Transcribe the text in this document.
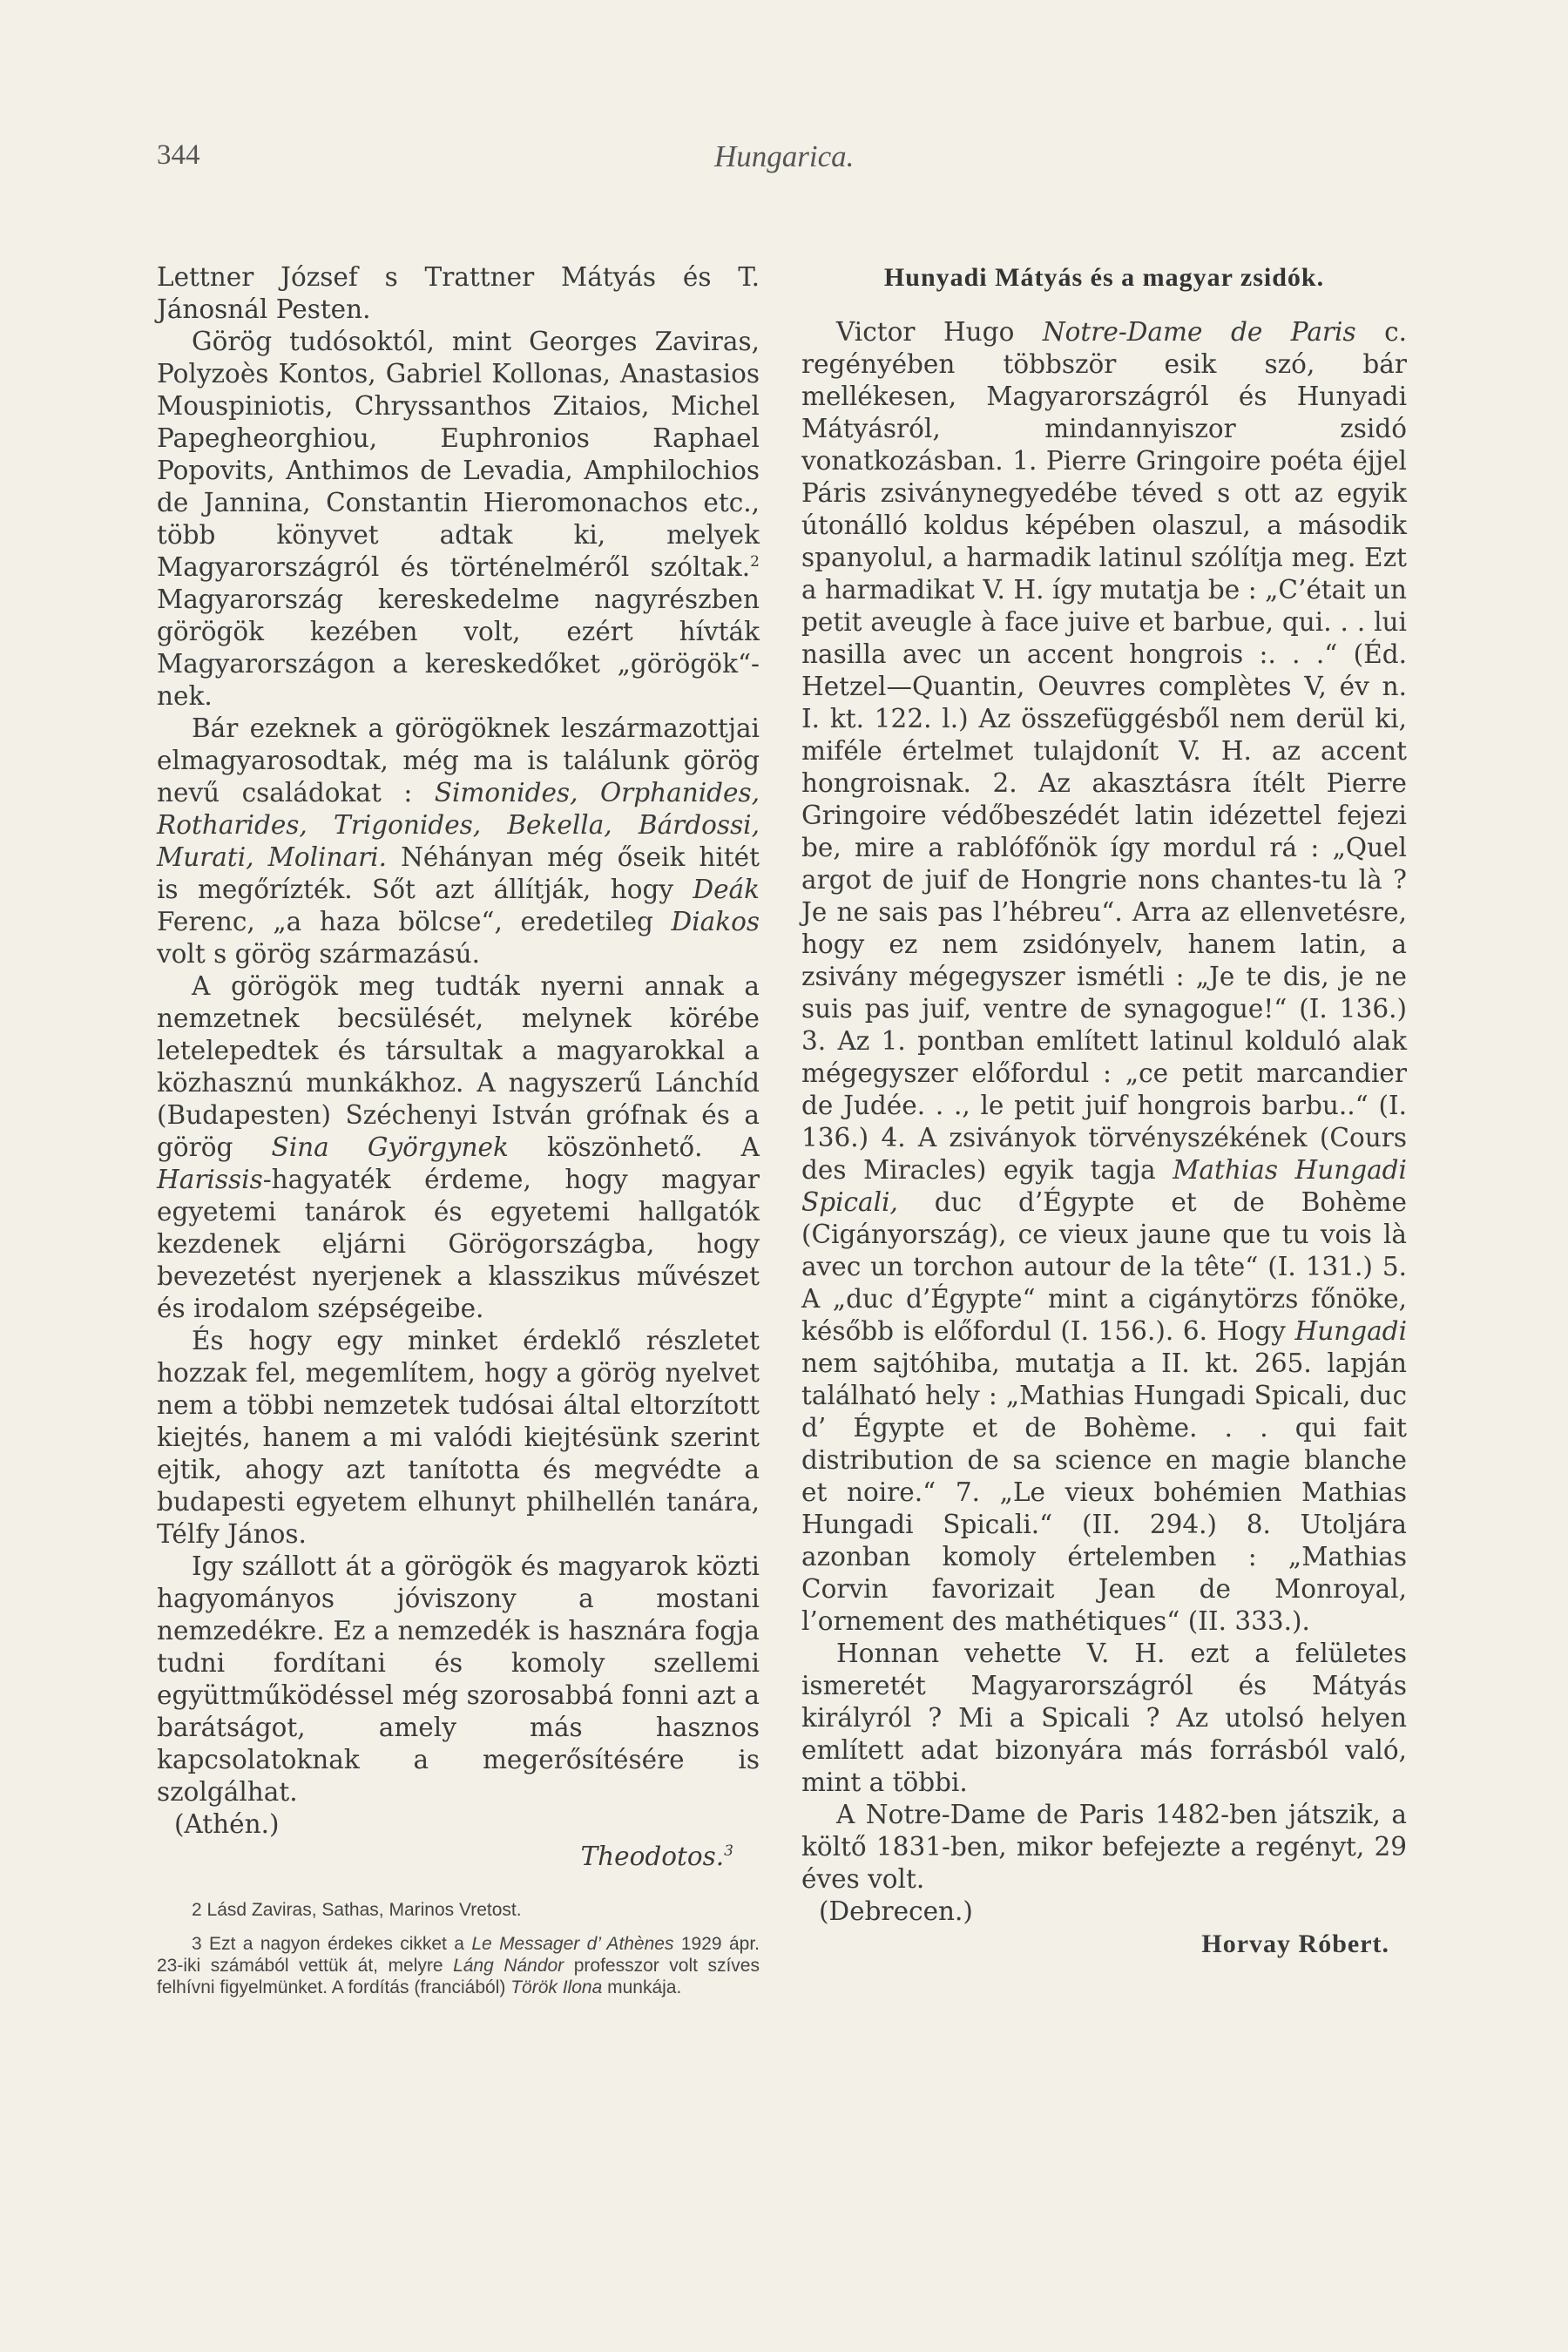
344	Hungarica.

Lettner József s Trattner Mátyás és T. Jánosnál Pesten.

Görög tudósoktól, mint Georges Zaviras, Polyzoès Kontos, Gabriel Kollonas, Anastasios Mouspiniotis, Chryssanthos Zitaios, Michel Papegheorghiou, Euphronios Raphael Popovits, Anthimos de Levadia, Amphilochios de Jannina, Constantin Hieromonachos etc., több könyvet adtak ki, melyek Magyarországról és történelméről szóltak.$^2$ Magyarország kereskedelme nagyrészben görögök kezében volt, ezért hívták Magyarországon a kereskedőket „görögök“-nek.

Bár ezeknek a görögöknek leszármazottjai elmagyarosodtak, még ma is találunk görög nevű családokat : Simonides, Orphanides, Rotharides, Trigonides, Bekella, Bárdossi, Murati, Molinari. Néhányan még őseik hitét is megőrízték. Sőt azt állítják, hogy Deák Ferenc, „a haza bölcse“, eredetileg Diakos volt s görög származású.

A görögök meg tudták nyerni annak a nemzetnek becsülését, melynek körébe letelepedtek és társultak a magyarokkal a közhasznú munkákhoz. A nagyszerű Lánchíd (Budapesten) Széchenyi István grófnak és a görög Sina Györgynek köszönhető. A Harissis-hagyaték érdeme, hogy magyar egyetemi tanárok és egyetemi hallgatók kezdenek eljárni Görögországba, hogy bevezetést nyerjenek a klasszikus művészet és irodalom szépségeibe.

És hogy egy minket érdeklő részletet hozzak fel, megemlítem, hogy a görög nyelvet nem a többi nemzetek tudósai által eltorzított kiejtés, hanem a mi valódi kiejtésünk szerint ejtik, ahogy azt tanította és megvédte a budapesti egyetem elhunyt philhellén tanára, Télfy János.

Igy szállott át a görögök és magyarok közti hagyományos jóviszony a mostani nemzedékre. Ez a nemzedék is hasznára fogja tudni fordítani és komoly szellemi együttműködéssel még szorosabbá fonni azt a barátságot, amely más hasznos kapcsolatoknak a megerősítésére is szolgálhat.

(Athén.)

Theodotos.$^3$

2 Lásd Zaviras, Sathas, Marinos Vretost.

3 Ezt a nagyon érdekes cikket a Le Messager d’ Athènes 1929 ápr. 23-iki számából vettük át, melyre Láng Nándor professzor volt szíves felhívni figyelmünket. A fordítás (franciából) Török Ilona munkája.

Hunyadi Mátyás és a magyar zsidók.

Victor Hugo Notre-Dame de Paris c. regényében többször esik szó, bár mellékesen, Magyarországról és Hunyadi Mátyásról, mindannyiszor zsidó vonatkozásban. 1. Pierre Gringoire poéta éjjel Páris zsiványnegyedébe téved s ott az egyik útonálló koldus képében olaszul, a második spanyolul, a harmadik latinul szólítja meg. Ezt a harmadikat V. H. így mutatja be : „C’était un petit aveugle à face juive et barbue, qui. . . lui nasilla avec un accent hongrois :. . .“ (Éd. Hetzel—Quantin, Oeuvres complètes V, év n. I. kt. 122. l.) Az összefüggésből nem derül ki, miféle értelmet tulajdonít V. H. az accent hongroisnak. 2. Az akasztásra ítélt Pierre Gringoire védőbeszédét latin idézettel fejezi be, mire a rablófőnök így mordul rá : „Quel argot de juif de Hongrie nons chantes-tu là ? Je ne sais pas l’hébreu“. Arra az ellenvetésre, hogy ez nem zsidónyelv, hanem latin, a zsivány mégegyszer ismétli : „Je te dis, je ne suis pas juif, ventre de synagogue!“ (I. 136.) 3. Az 1. pontban említett latinul kolduló alak mégegyszer előfordul : „ce petit marcandier de Judée. . ., le petit juif hongrois barbu..“ (I. 136.) 4. A zsiványok törvényszékének (Cours des Miracles) egyik tagja Mathias Hungadi Spicali, duc d’Égypte et de Bohème (Cigányország), ce vieux jaune que tu vois là avec un torchon autour de la tête“ (I. 131.) 5. A „duc d’Égypte“ mint a cigánytörzs főnöke, később is előfordul (I. 156.). 6. Hogy Hungadi nem sajtóhiba, mutatja a II. kt. 265. lapján található hely : „Mathias Hungadi Spicali, duc d’ Égypte et de Bohème. . . qui fait distribution de sa science en magie blanche et noire.“ 7. „Le vieux bohémien Mathias Hungadi Spicali.“ (II. 294.) 8. Utoljára azonban komoly értelemben : „Mathias Corvin favorizait Jean de Monroyal, l’ornement des mathétiques“ (II. 333.).

Honnan vehette V. H. ezt a felületes ismeretét Magyarországról és Mátyás királyról ? Mi a Spicali ? Az utolsó helyen említett adat bizonyára más forrásból való, mint a többi.

A Notre-Dame de Paris 1482-ben játszik, a költő 1831-ben, mikor befejezte a regényt, 29 éves volt.

(Debrecen.)

Horvay Róbert.
